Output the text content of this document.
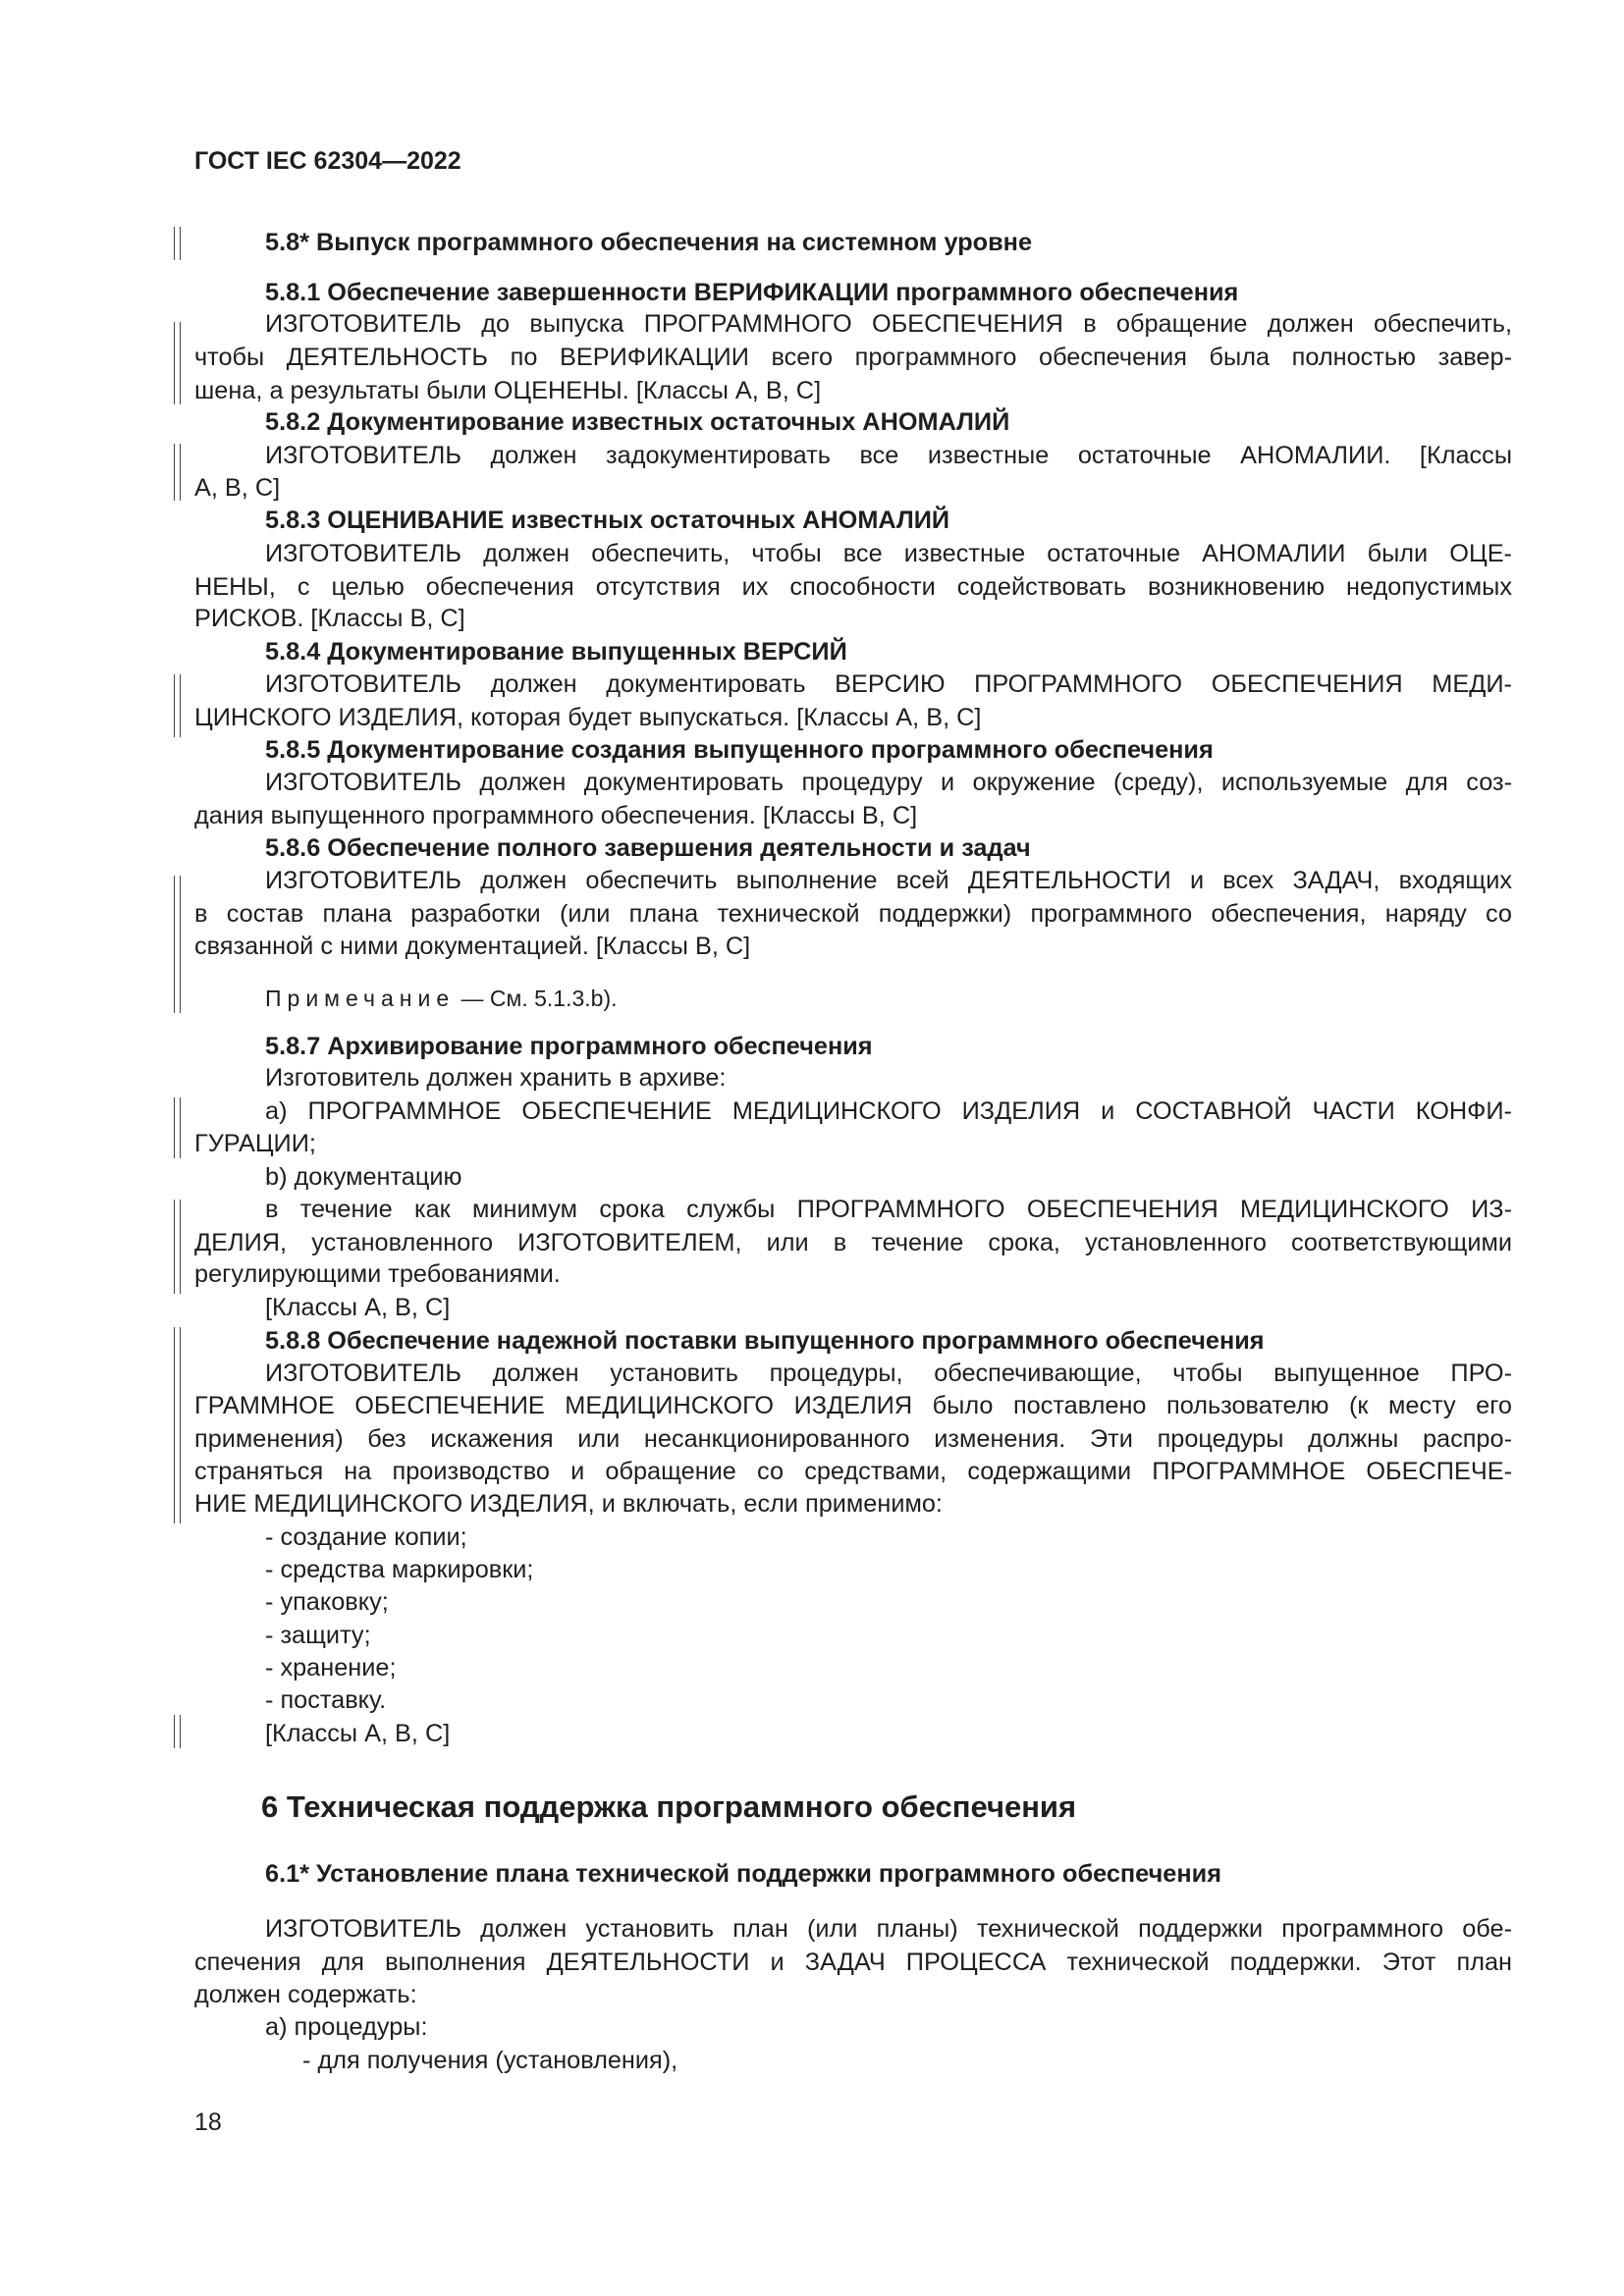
ГОСТ IEC 62304—2022
5.8* Выпуск программного обеспечения на системном уровне
5.8.1 Обеспечение завершенности ВЕРИФИКАЦИИ программного обеспечения
ИЗГОТОВИТЕЛЬ до выпуска ПРОГРАММНОГО ОБЕСПЕЧЕНИЯ в обращение должен обеспечить,
чтобы ДЕЯТЕЛЬНОСТЬ по ВЕРИФИКАЦИИ всего программного обеспечения была полностью завер-
шена, а результаты были ОЦЕНЕНЫ. [Классы А, В, С]
5.8.2 Документирование известных остаточных АНОМАЛИЙ
ИЗГОТОВИТЕЛЬ должен задокументировать все известные остаточные АНОМАЛИИ. [Классы
А, В, С]
5.8.3 ОЦЕНИВАНИЕ известных остаточных АНОМАЛИЙ
ИЗГОТОВИТЕЛЬ должен обеспечить, чтобы все известные остаточные АНОМАЛИИ были ОЦЕ-
НЕНЫ, с целью обеспечения отсутствия их способности содействовать возникновению недопустимых
РИСКОВ. [Классы В, С]
5.8.4 Документирование выпущенных ВЕРСИЙ
ИЗГОТОВИТЕЛЬ должен документировать ВЕРСИЮ ПРОГРАММНОГО ОБЕСПЕЧЕНИЯ МЕДИ-
ЦИНСКОГО ИЗДЕЛИЯ, которая будет выпускаться. [Классы А, В, С]
5.8.5 Документирование создания выпущенного программного обеспечения
ИЗГОТОВИТЕЛЬ должен документировать процедуру и окружение (среду), используемые для соз-
дания выпущенного программного обеспечения. [Классы В, С]
5.8.6 Обеспечение полного завершения деятельности и задач
ИЗГОТОВИТЕЛЬ должен обеспечить выполнение всей ДЕЯТЕЛЬНОСТИ и всех ЗАДАЧ, входящих
в состав плана разработки (или плана технической поддержки) программного обеспечения, наряду со
связанной с ними документацией. [Классы В, С]
Примечание — См. 5.1.3.b).
5.8.7 Архивирование программного обеспечения
Изготовитель должен хранить в архиве:
а) ПРОГРАММНОЕ ОБЕСПЕЧЕНИЕ МЕДИЦИНСКОГО ИЗДЕЛИЯ и СОСТАВНОЙ ЧАСТИ КОНФИ-
ГУРАЦИИ;
b) документацию
в течение как минимум срока службы ПРОГРАММНОГО ОБЕСПЕЧЕНИЯ МЕДИЦИНСКОГО ИЗ-
ДЕЛИЯ, установленного ИЗГОТОВИТЕЛЕМ, или в течение срока, установленного соответствующими
регулирующими требованиями.
[Классы А, В, С]
5.8.8 Обеспечение надежной поставки выпущенного программного обеспечения
ИЗГОТОВИТЕЛЬ должен установить процедуры, обеспечивающие, чтобы выпущенное ПРО-
ГРАММНОЕ ОБЕСПЕЧЕНИЕ МЕДИЦИНСКОГО ИЗДЕЛИЯ было поставлено пользователю (к месту его
применения) без искажения или несанкционированного изменения. Эти процедуры должны распро-
страняться на производство и обращение со средствами, содержащими ПРОГРАММНОЕ ОБЕСПЕЧЕ-
НИЕ МЕДИЦИНСКОГО ИЗДЕЛИЯ, и включать, если применимо:
- создание копии;
- средства маркировки;
- упаковку;
- защиту;
- хранение;
- поставку.
[Классы А, В, С]
6 Техническая поддержка программного обеспечения
6.1* Установление плана технической поддержки программного обеспечения
ИЗГОТОВИТЕЛЬ должен установить план (или планы) технической поддержки программного обе-
спечения для выполнения ДЕЯТЕЛЬНОСТИ и ЗАДАЧ ПРОЦЕССА технической поддержки. Этот план
должен содержать:
а) процедуры:
- для получения (установления),
18
